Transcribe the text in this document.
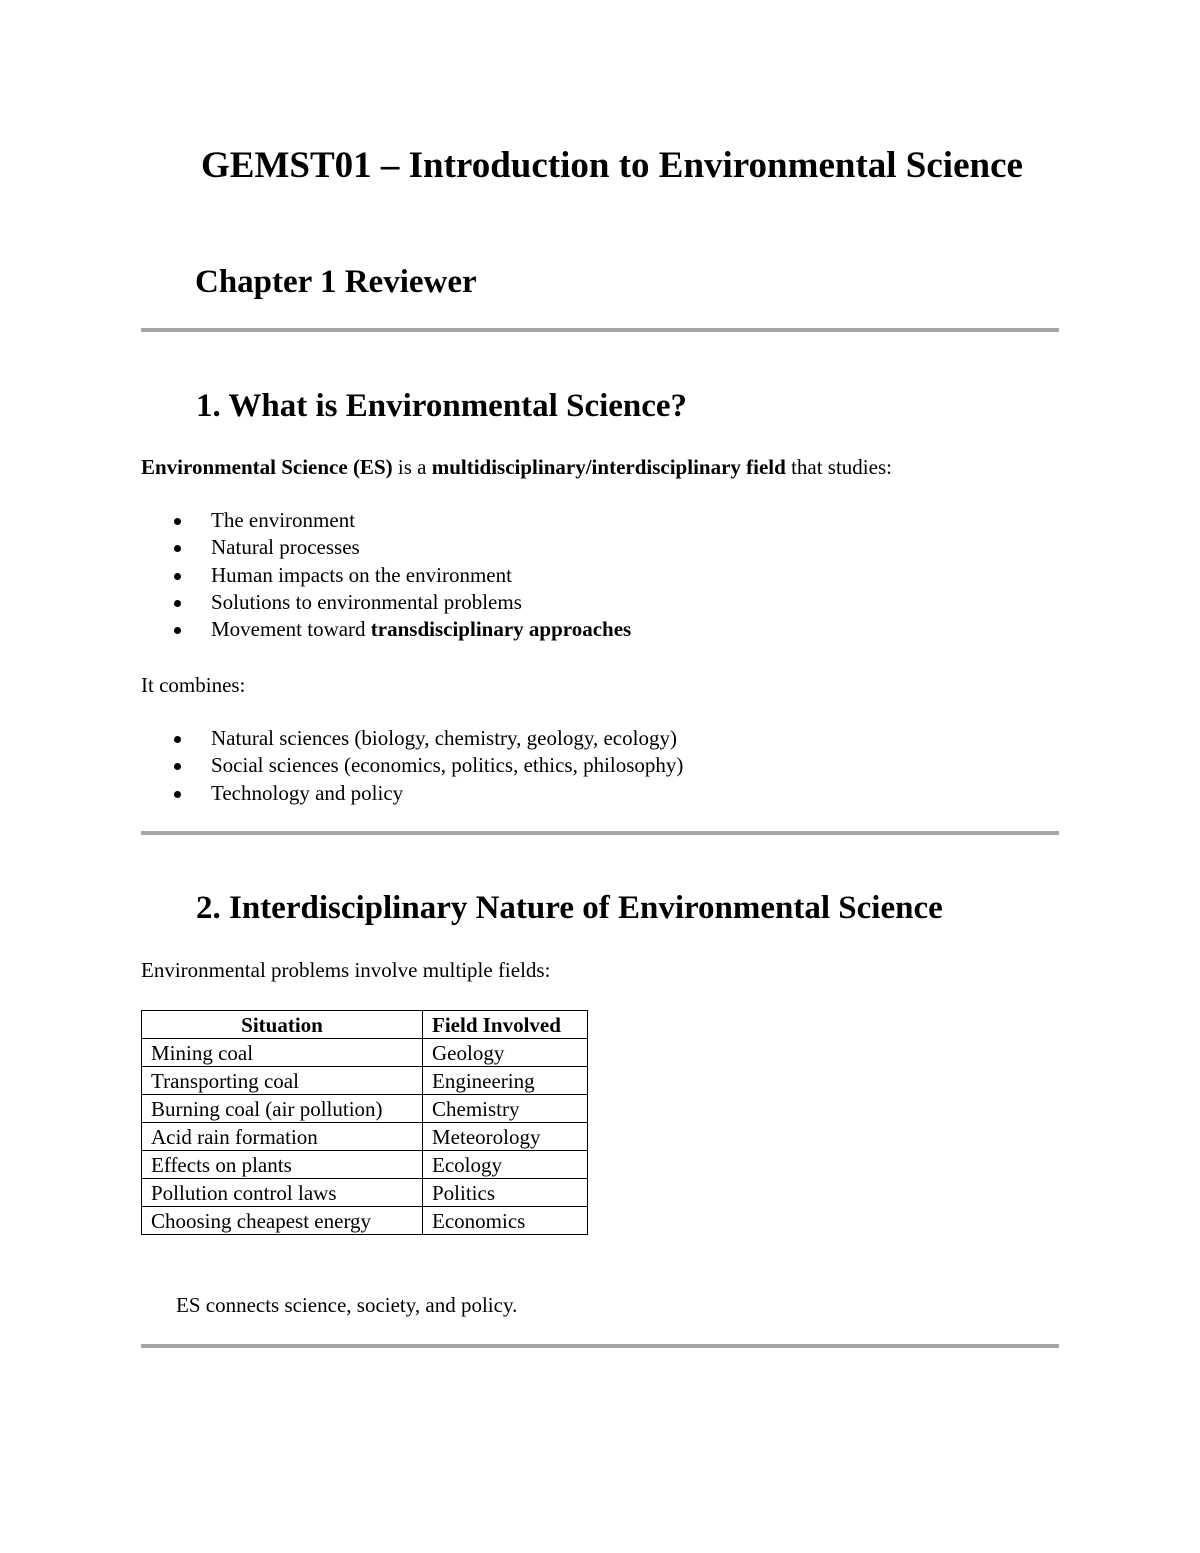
GEMST01 – Introduction to Environmental Science
Chapter 1 Reviewer
1. What is Environmental Science?

Environmental Science (ES) is a multidisciplinary/interdisciplinary field that studies:

The environment
Natural processes
Human impacts on the environment
Solutions to environmental problems
Movement toward transdisciplinary approaches

It combines:

Natural sciences (biology, chemistry, geology, ecology)
Social sciences (economics, politics, ethics, philosophy)
Technology and policy
2. Interdisciplinary Nature of Environmental Science

Environmental problems involve multiple fields:

Situation	Field Involved
Mining coal	Geology
Transporting coal	Engineering
Burning coal (air pollution)	Chemistry
Acid rain formation	Meteorology
Effects on plants	Ecology
Pollution control laws	Politics
Choosing cheapest energy	Economics

ES connects science, society, and policy.
